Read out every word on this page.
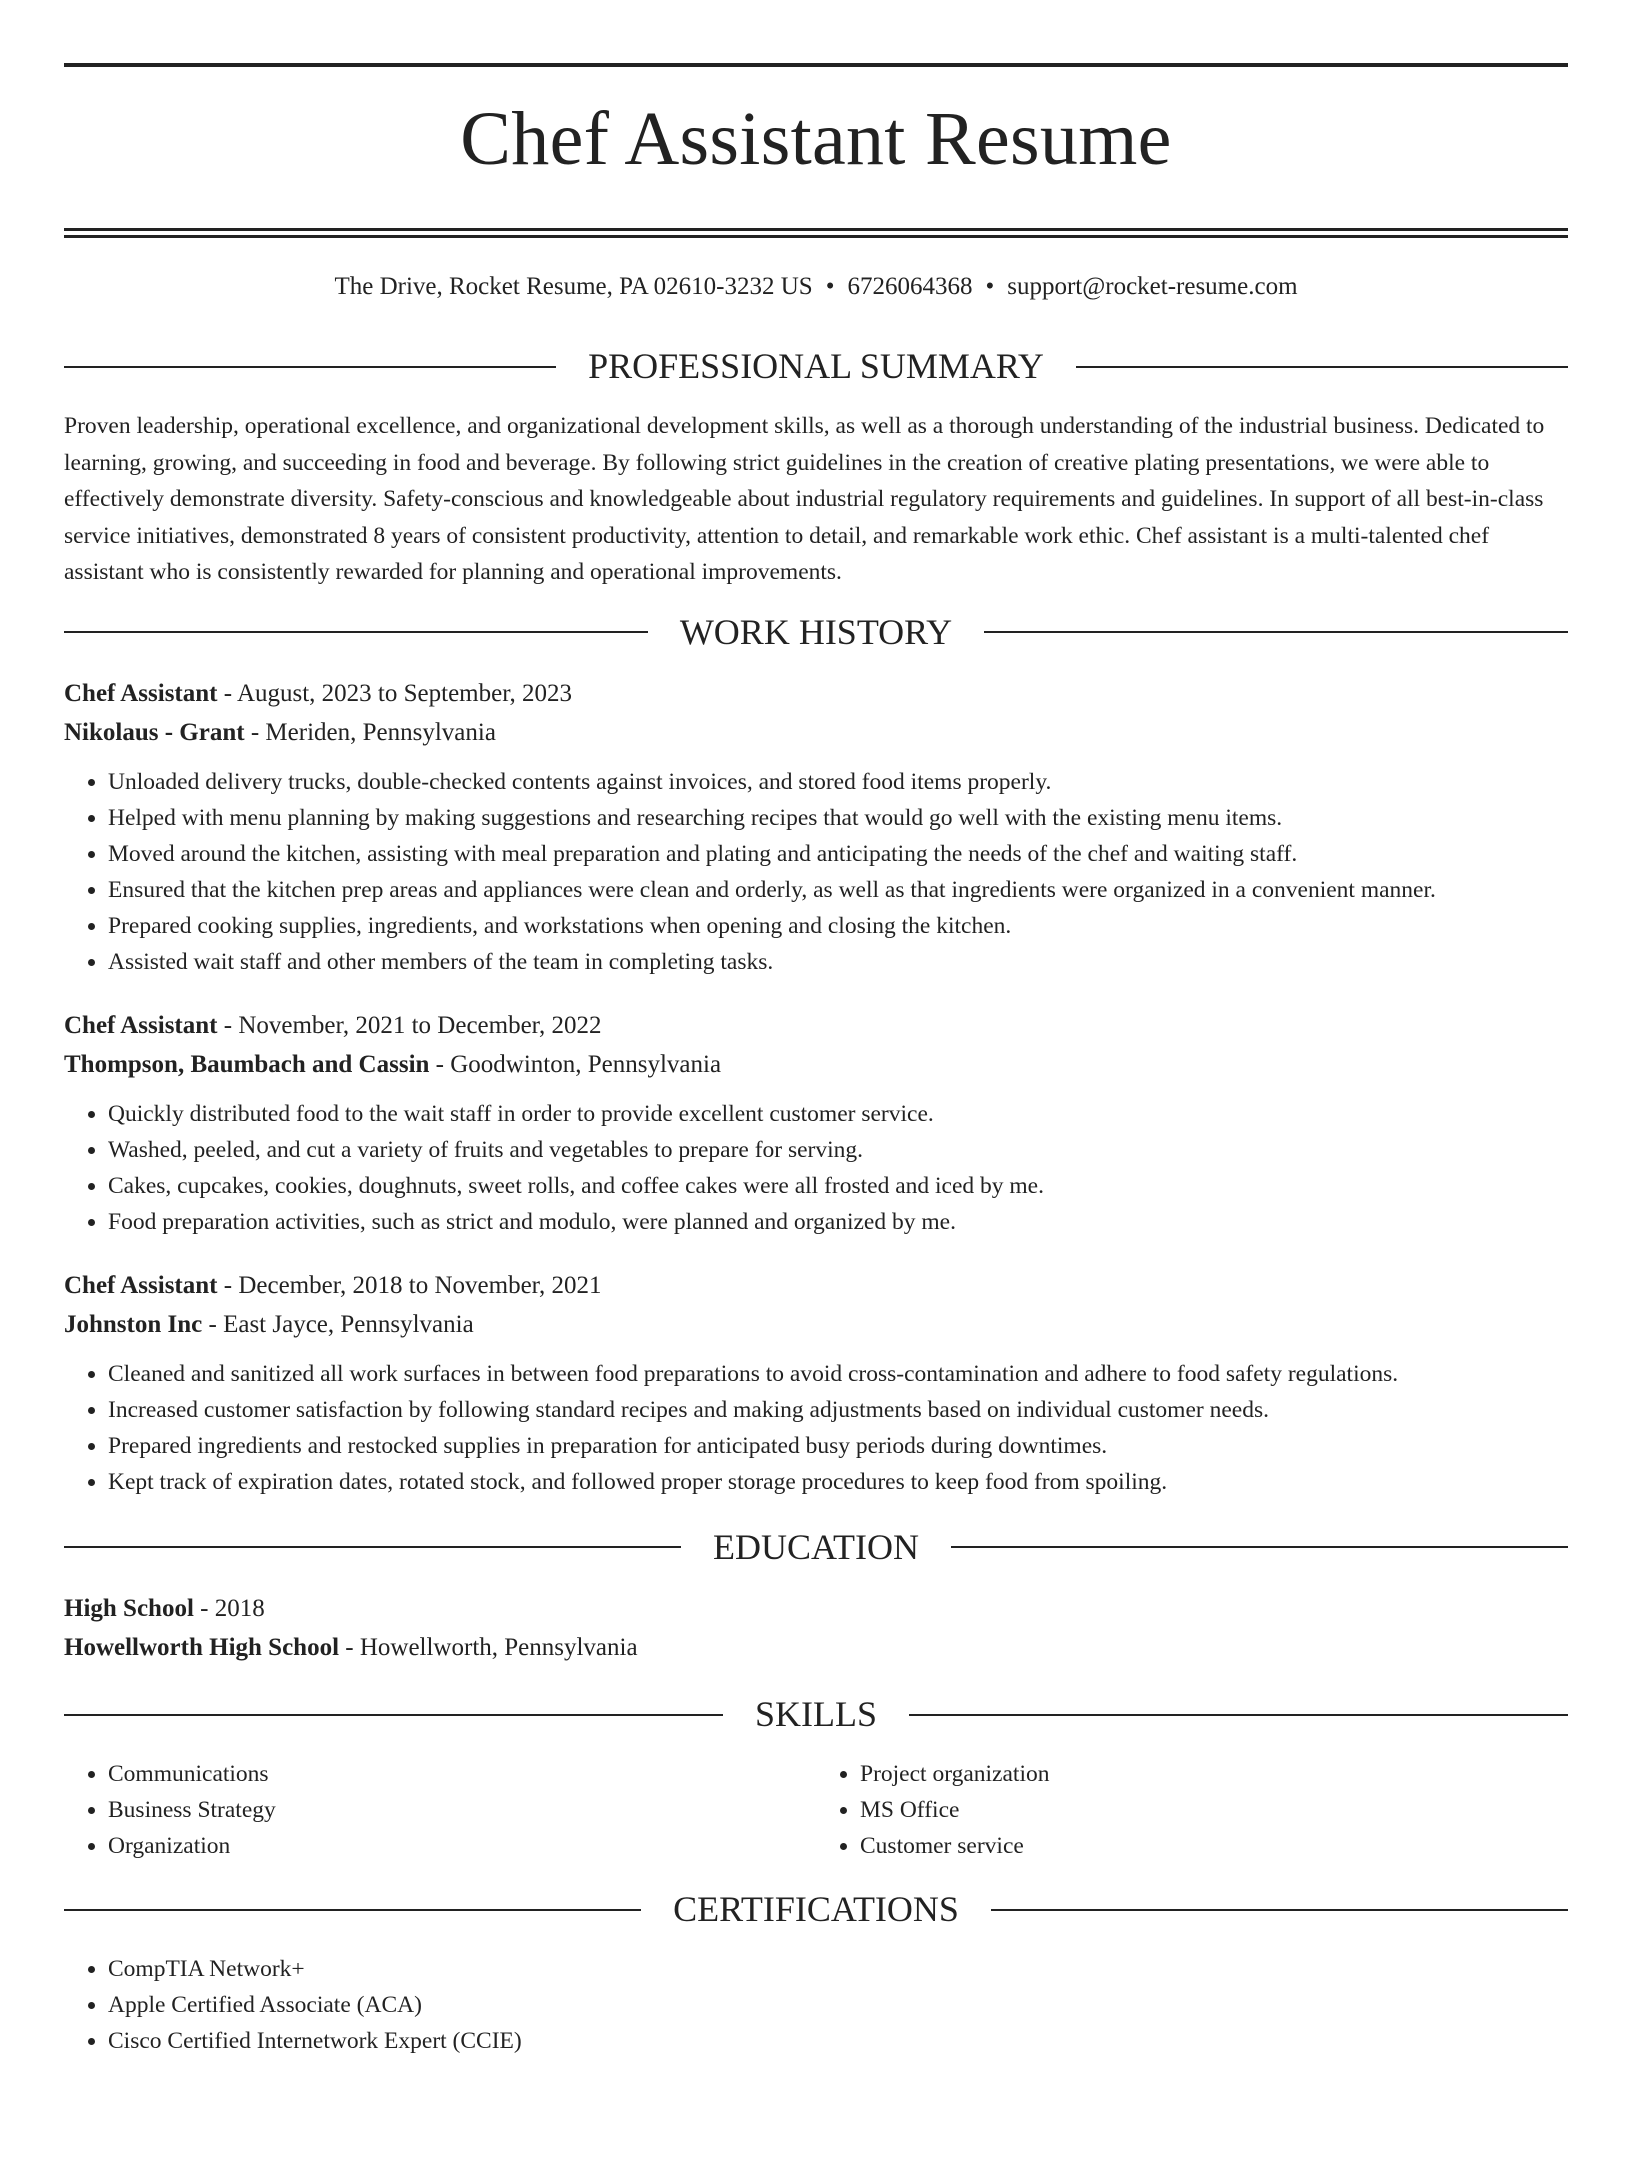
Chef Assistant Resume
The Drive, Rocket Resume, PA 02610-3232 US • 6726064368 • support@rocket-resume.com
PROFESSIONAL SUMMARY

Proven leadership, operational excellence, and organizational development skills, as well as a thorough understanding of the industrial business. Dedicated to learning, growing, and succeeding in food and beverage. By following strict guidelines in the creation of creative plating presentations, we were able to effectively demonstrate diversity. Safety-conscious and knowledgeable about industrial regulatory requirements and guidelines. In support of all best-in-class service initiatives, demonstrated 8 years of consistent productivity, attention to detail, and remarkable work ethic. Chef assistant is a multi-talented chef assistant who is consistently rewarded for planning and operational improvements.

WORK HISTORY
Chef Assistant - August, 2023 to September, 2023
Nikolaus - Grant - Meriden, Pennsylvania
• Unloaded delivery trucks, double-checked contents against invoices, and stored food items properly.
• Helped with menu planning by making suggestions and researching recipes that would go well with the existing menu items.
• Moved around the kitchen, assisting with meal preparation and plating and anticipating the needs of the chef and waiting staff.
• Ensured that the kitchen prep areas and appliances were clean and orderly, as well as that ingredients were organized in a convenient manner.
• Prepared cooking supplies, ingredients, and workstations when opening and closing the kitchen.
• Assisted wait staff and other members of the team in completing tasks.
Chef Assistant - November, 2021 to December, 2022
Thompson, Baumbach and Cassin - Goodwinton, Pennsylvania
• Quickly distributed food to the wait staff in order to provide excellent customer service.
• Washed, peeled, and cut a variety of fruits and vegetables to prepare for serving.
• Cakes, cupcakes, cookies, doughnuts, sweet rolls, and coffee cakes were all frosted and iced by me.
• Food preparation activities, such as strict and modulo, were planned and organized by me.
Chef Assistant - December, 2018 to November, 2021
Johnston Inc - East Jayce, Pennsylvania
• Cleaned and sanitized all work surfaces in between food preparations to avoid cross-contamination and adhere to food safety regulations.
• Increased customer satisfaction by following standard recipes and making adjustments based on individual customer needs.
• Prepared ingredients and restocked supplies in preparation for anticipated busy periods during downtimes.
• Kept track of expiration dates, rotated stock, and followed proper storage procedures to keep food from spoiling.
EDUCATION
High School - 2018
Howellworth High School - Howellworth, Pennsylvania
SKILLS
• Communications
• Business Strategy
• Organization
• Project organization
• MS Office
• Customer service
CERTIFICATIONS
• CompTIA Network+
• Apple Certified Associate (ACA)
• Cisco Certified Internetwork Expert (CCIE)
